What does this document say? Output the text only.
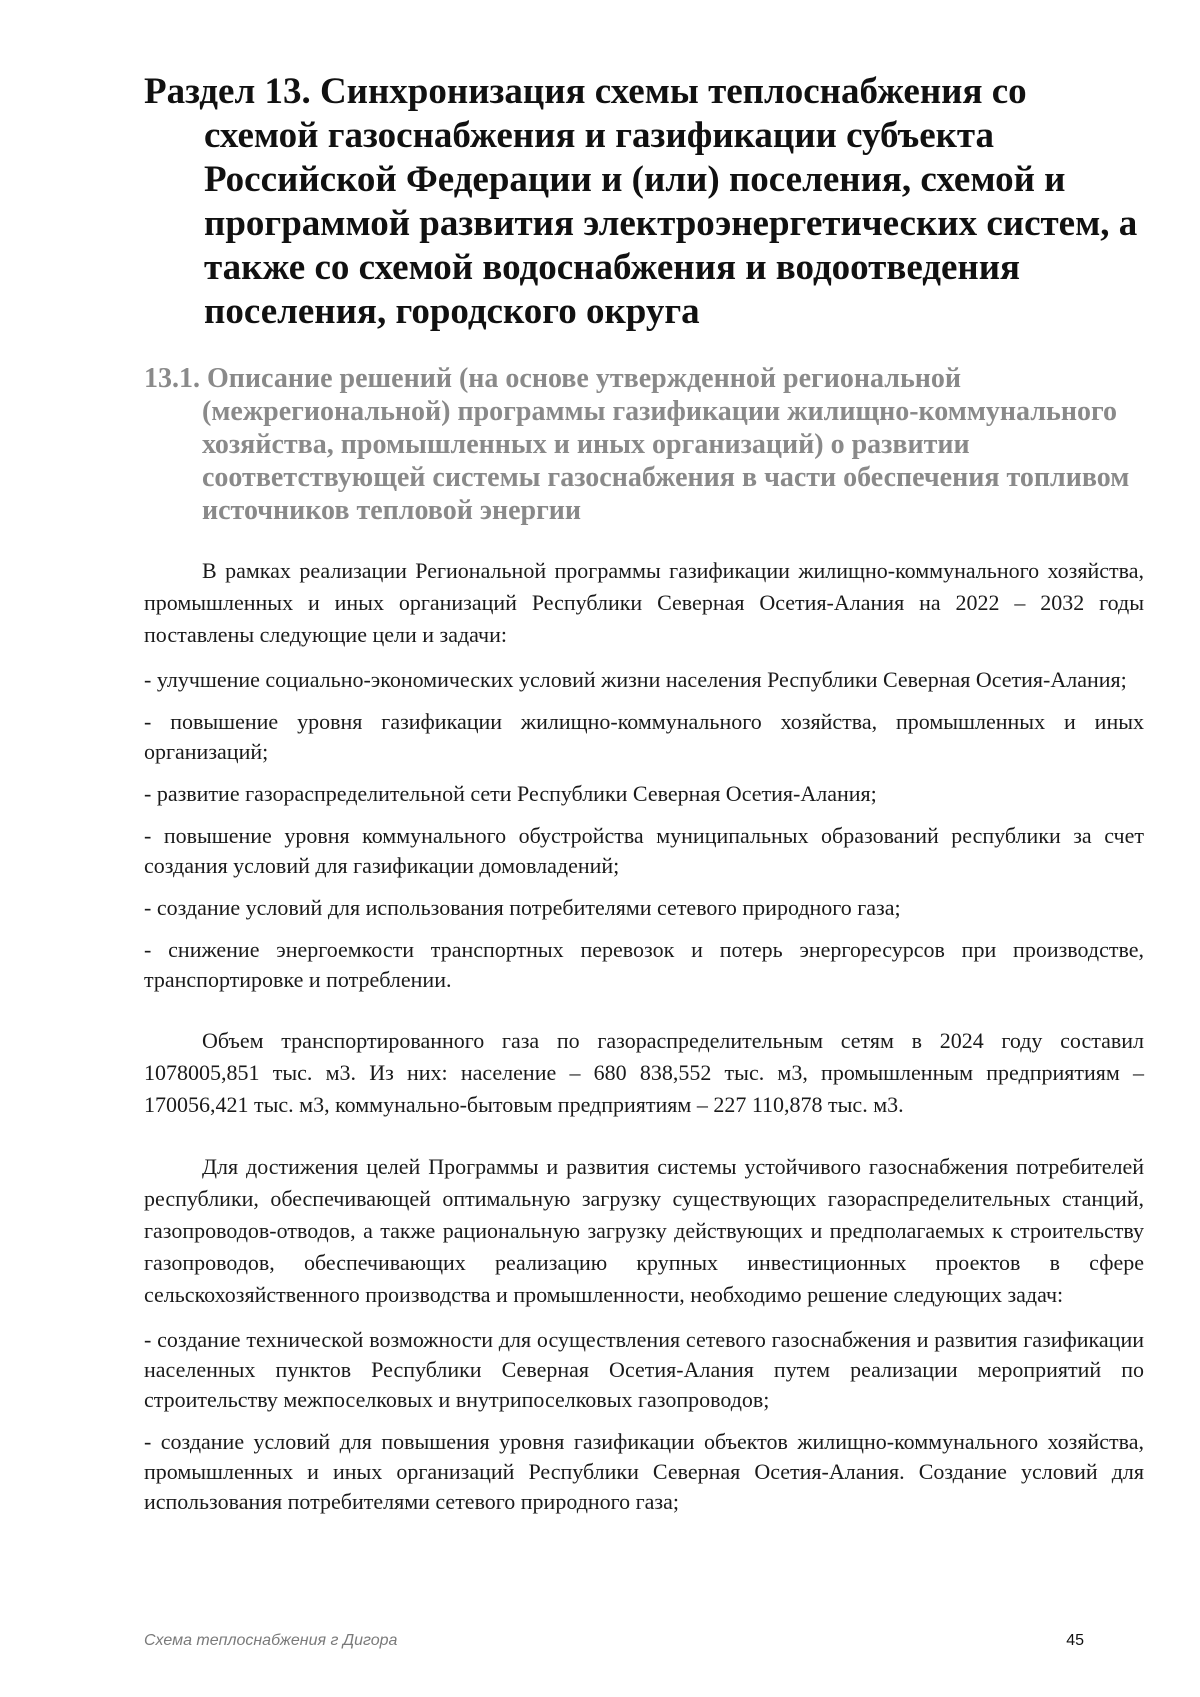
Раздел 13. Синхронизация схемы теплоснабжения со схемой газоснабжения и газификации субъекта Российской Федерации и (или) поселения, схемой и программой развития электроэнергетических систем, а также со схемой водоснабжения и водоотведения поселения, городского округа
13.1. Описание решений (на основе утвержденной региональной (межрегиональной) программы газификации жилищно-коммунального хозяйства, промышленных и иных организаций) о развитии соответствующей системы газоснабжения в части обеспечения топливом источников тепловой энергии

В рамках реализации Региональной программы газификации жилищно-коммунального хозяйства, промышленных и иных организаций Республики Северная Осетия-Алания на 2022 – 2032 годы поставлены следующие цели и задачи:

- улучшение социально-экономических условий жизни населения Республики Северная Осетия-Алания;
- повышение уровня газификации жилищно-коммунального хозяйства, промышленных и иных организаций;
- развитие газораспределительной сети Республики Северная Осетия-Алания;
- повышение уровня коммунального обустройства муниципальных образований республики за счет создания условий для газификации домовладений;
- создание условий для использования потребителями сетевого природного газа;
- снижение энергоемкости транспортных перевозок и потерь энергоресурсов при производстве, транспортировке и потреблении.

Объем транспортированного газа по газораспределительным сетям в 2024 году составил 1078005,851 тыс. м3. Из них: население – 680 838,552 тыс. м3, промышленным предприятиям – 170056,421 тыс. м3, коммунально-бытовым предприятиям – 227 110,878 тыс. м3.

Для достижения целей Программы и развития системы устойчивого газоснабжения потребителей республики, обеспечивающей оптимальную загрузку существующих газораспределительных станций, газопроводов-отводов, а также рациональную загрузку действующих и предполагаемых к строительству газопроводов, обеспечивающих реализацию крупных инвестиционных проектов в сфере сельскохозяйственного производства и промышленности, необходимо решение следующих задач:

- создание технической возможности для осуществления сетевого газоснабжения и развития газификации населенных пунктов Республики Северная Осетия-Алания путем реализации мероприятий по строительству межпоселковых и внутрипоселковых газопроводов;
- создание условий для повышения уровня газификации объектов жилищно-коммунального хозяйства, промышленных и иных организаций Республики Северная Осетия-Алания. Создание условий для использования потребителями сетевого природного газа;
Схема теплоснабжения г Дигора	45
